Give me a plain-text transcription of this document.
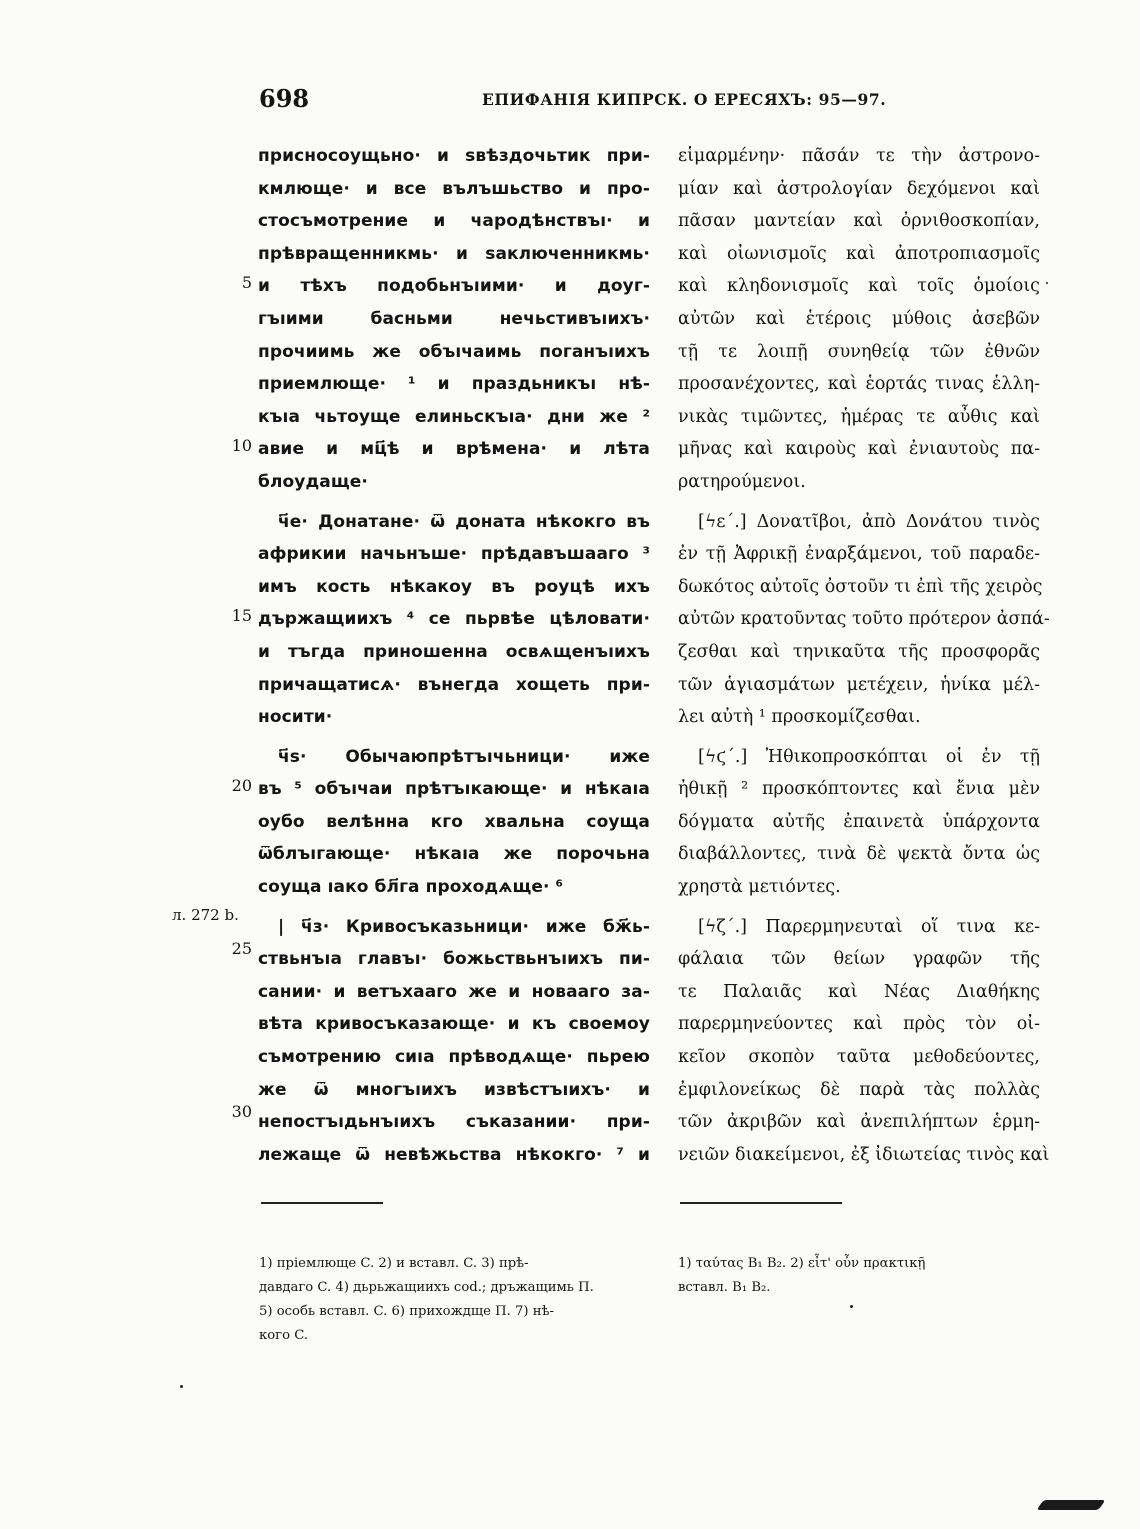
698	ЕПИФАНІЯ КИПРСК. О ЕРЕСЯХЪ: 95—97.
5
10
15
20
25
30
л. 272 b.
присносоущьно· и ѕвѣздочьтик при-
кмлюще· и все вълъшьство и про-
стосъмотрение и чародѣнствъı· и
прѣвращенникмь· и ѕаключенникмь·
и тѣхъ подобьнъıими· и доуг-
гъıими басньми нечьстивъıихъ·
прочиимь же объıчаимь поганъıихъ
приемлюще· ¹ и праздьникъı нѣ-
къıа чьтоуще елиньскъıа· дни же ²
авие и мц҃ѣ и врѣмена· и лѣта
блоудаще·
ч҃е· Донатане· ѿ доната нѣкокго въ
африкии начьнъше· прѣдавъшааго ³
имъ кость нѣкакоу въ роуцѣ ихъ
държащиихъ ⁴ се пьрвѣе цѣловати·
и тъгда приношенна освѧщенъıихъ
причащатисѧ· вънегда хощеть при-
носити·
ч҃ѕ· Обычаюпрѣтъıчьници· иже
въ ⁵ объıчаи прѣтъıкающе· и нѣкаıа
оубо велѣнна кго хвальна соуща
ѿблъıгающе· нѣкаıа же порочьна
соуща ıако бл҃га проходѧще· ⁶
| ч҃з· Кривосъказьници· иже бж҃ь-
ствьнъıа главъı· божьствьнъıихъ пи-
сании· и ветъхааго же и новааго за-
вѣта кривосъказающе· и къ своемоу
съмотрению сиıа прѣводѧще· пьрею
же ѿ многъıихъ извѣстъıихъ· и
непостъıдьнъıихъ съказании· при-
лежаще ѿ невѣжьства нѣкокго· ⁷ и
εἱμαρμένην· πᾶσάν τε τὴν ἀστρονο-
μίαν καὶ ἀστρολογίαν δεχόμενοι καὶ
πᾶσαν μαντείαν καὶ ὀρνιθοσκοπίαν,
καὶ οἰωνισμοῖς καὶ ἀποτροπιασμοῖς
καὶ κληδονισμοῖς καὶ τοῖς ὁμοίοις
αὐτῶν καὶ ἑτέροις μύθοις ἀσεβῶν
τῇ τε λοιπῇ συνηθείᾳ τῶν ἐθνῶν
προσανέχοντες, καὶ ἑορτάς τινας ἑλλη-
νικὰς τιμῶντες, ἡμέρας τε αὖθις καὶ
μῆνας καὶ καιροὺς καὶ ἐνιαυτοὺς πα-
ρατηρούμενοι.
[ϟε΄.] Δονατῖβοι, ἀπὸ Δονάτου τινὸς
ἐν τῇ Ἀφρικῇ ἐναρξάμενοι, τοῦ παραδε-
δωκότος αὐτοῖς ὀστοῦν τι ἐπὶ τῆς χειρὸς
αὐτῶν κρατοῦντας τοῦτο πρότερον ἀσπά-
ζεσθαι καὶ τηνικαῦτα τῆς προσφορᾶς
τῶν ἁγιασμάτων μετέχειν, ἡνίκα μέλ-
λει αὐτὴ ¹ προσκομίζεσθαι.
[ϟϛ΄.] Ἠθικοπροσκόπται οἱ ἐν τῇ
ἠθικῇ ² προσκόπτοντες καὶ ἔνια μὲν
δόγματα αὐτῆς ἐπαινετὰ ὑπάρχοντα
διαβάλλοντες, τινὰ δὲ ψεκτὰ ὄντα ὡς
χρηστὰ μετιόντες.
[ϟζ΄.] Παρερμηνευταὶ οἵ τινα κε-
φάλαια τῶν θείων γραφῶν τῆς
τε Παλαιᾶς καὶ Νέας Διαθήκης
παρερμηνεύοντες καὶ πρὸς τὸν οἰ-
κεῖον σκοπὸν ταῦτα μεθοδεύοντες,
ἐμφιλονείκως δὲ παρὰ τὰς πολλὰς
τῶν ἀκριβῶν καὶ ἀνεπιλήπτων ἑρμη-
νειῶν διακείμενοι, ἐξ ἰδιωτείας τινὸς καὶ
1) пріемлюще C. 2) и вставл. C. 3) прѣ-
давдаго C. 4) дьрьжащиихъ cod.; дръжащимь П.
5) особь вставл. C. 6) прихождще П. 7) нѣ-
кого C.
1) ταύτας B₁ B₂. 2) εἶτ' οὖν πρακτικῇ
вставл. B₁ B₂.
